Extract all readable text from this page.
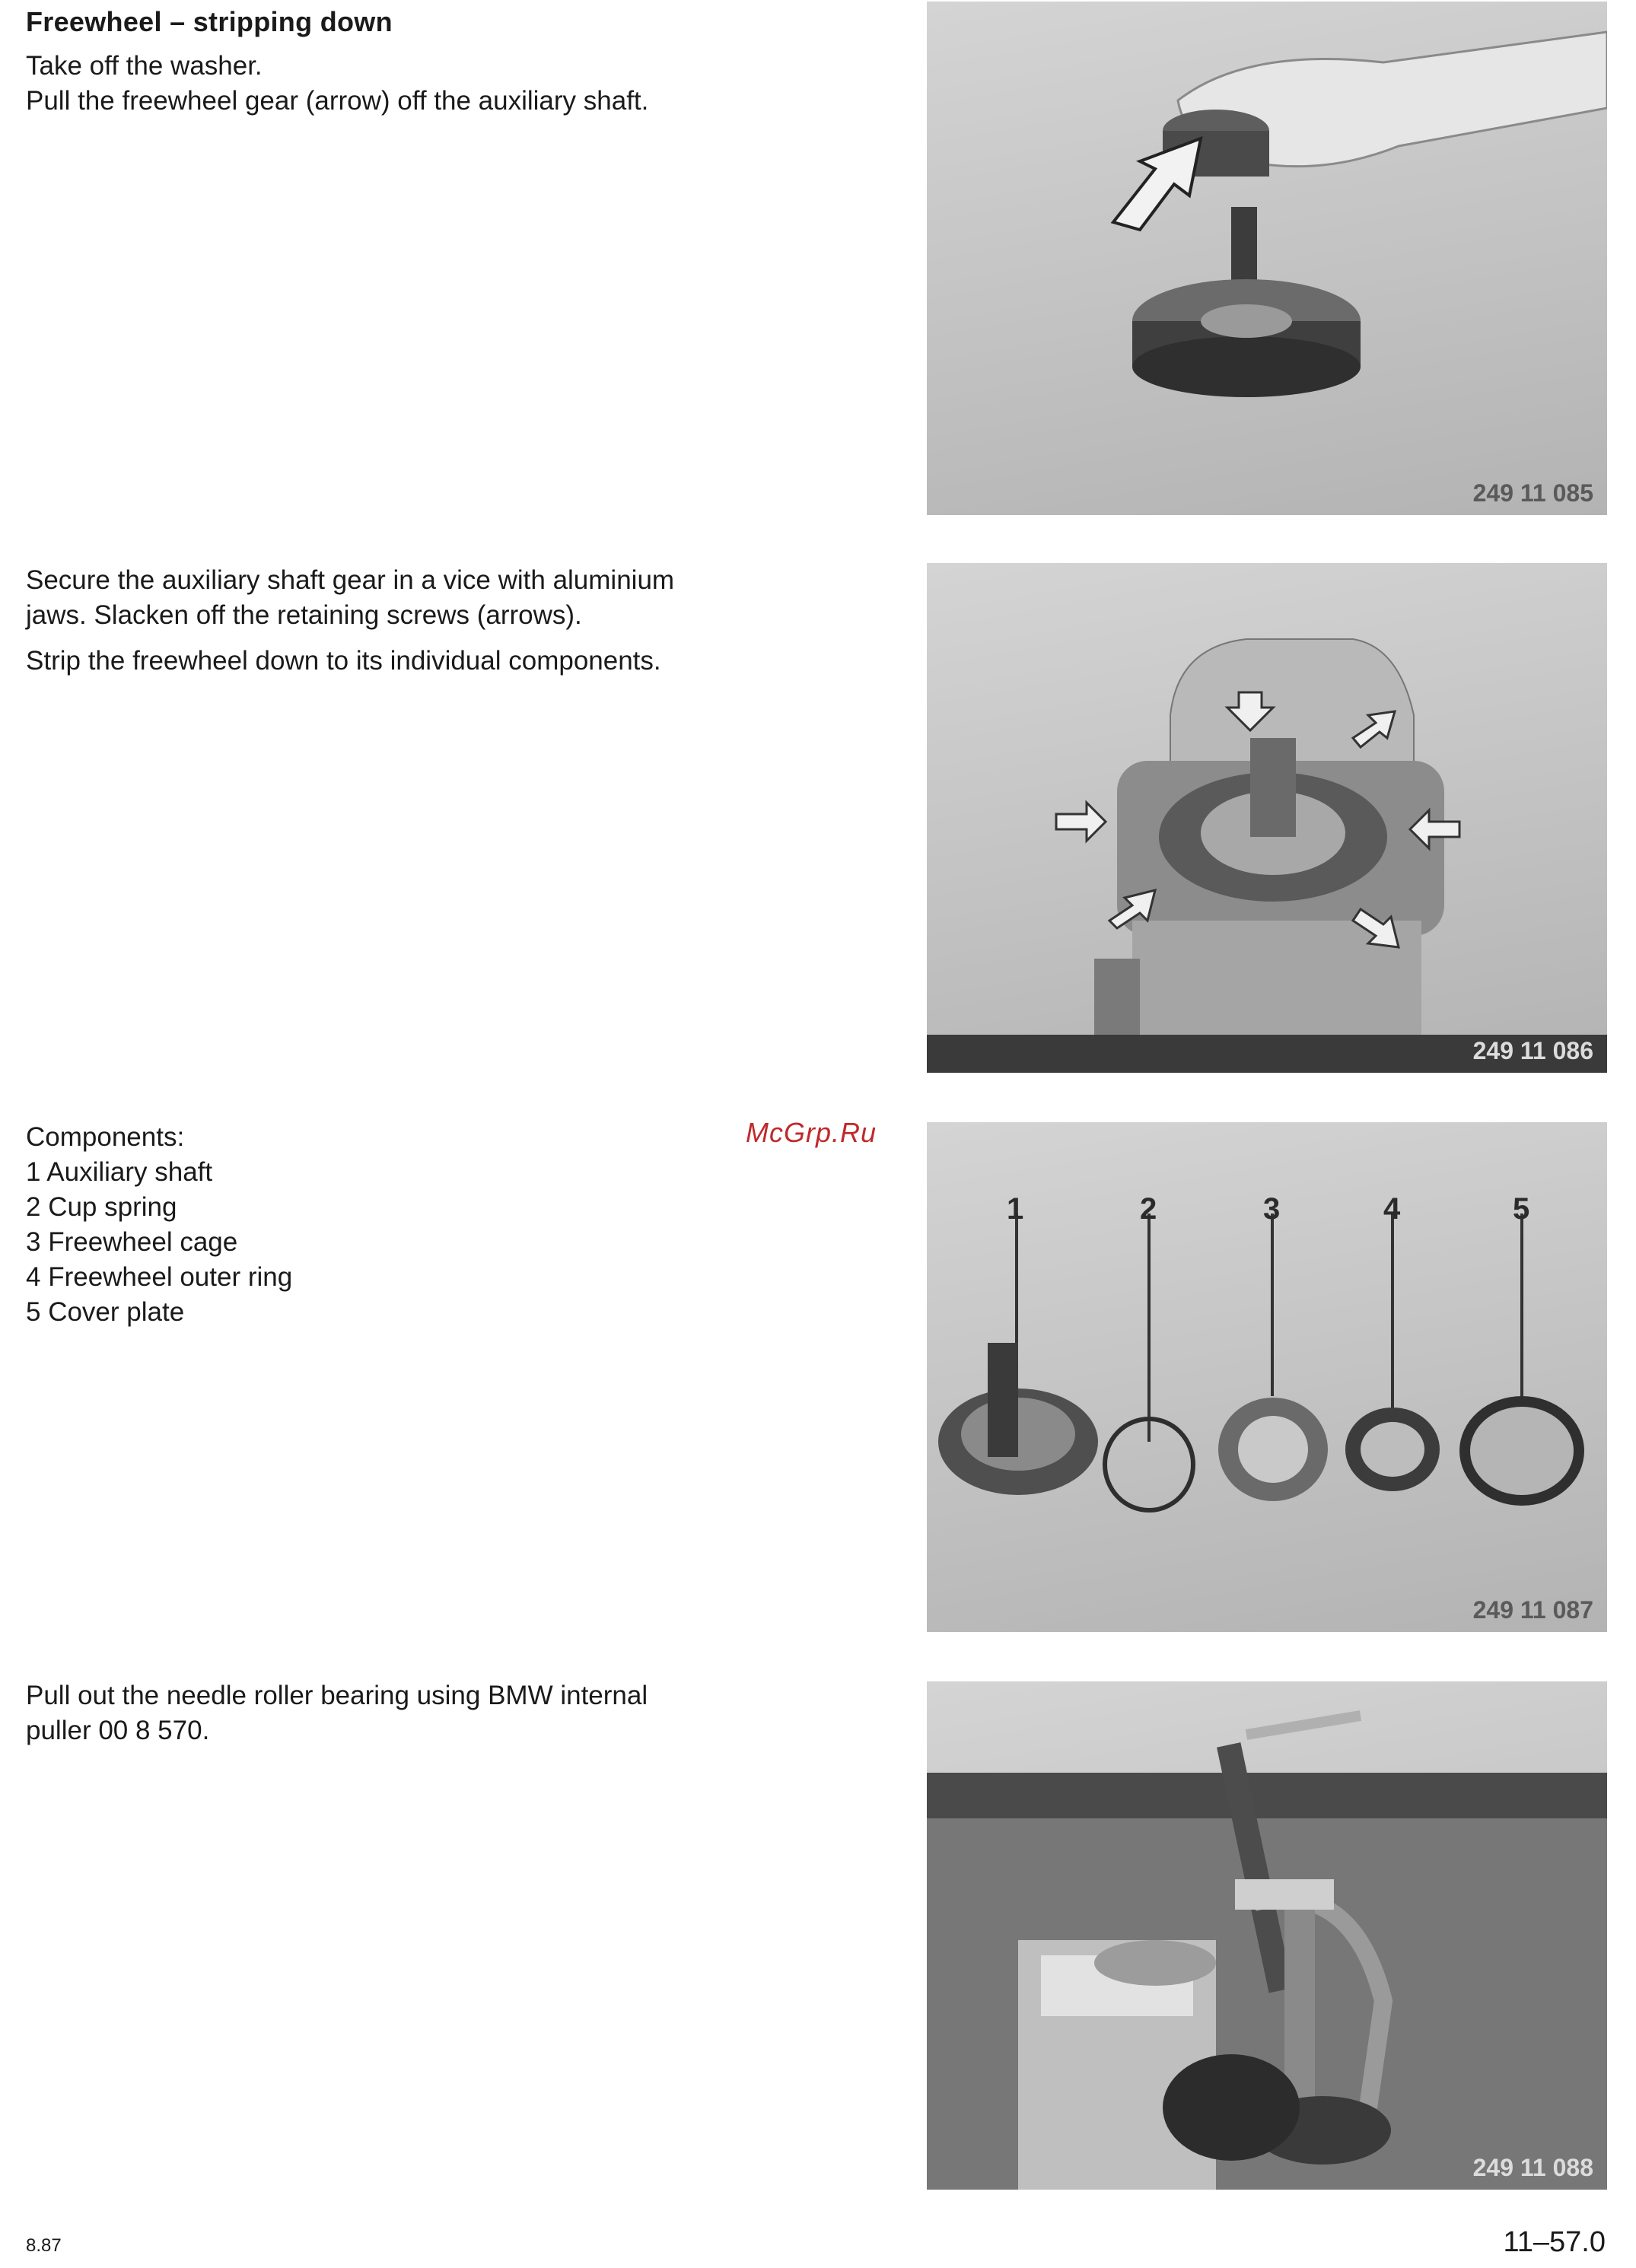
Freewheel – stripping down
Take off the washer.
Pull the freewheel gear (arrow) off the auxiliary shaft.
249 11 085
Secure the auxiliary shaft gear in a vice with aluminium
jaws. Slacken off the retaining screws (arrows).
Strip the freewheel down to its individual components.
249 11 086
McGrp.Ru
Components:
1 Auxiliary shaft
2 Cup spring
3 Freewheel cage
4 Freewheel outer ring
5 Cover plate
1	2	3	4	5
249 11 087
Pull out the needle roller bearing using BMW internal
puller 00 8 570.
249 11 088
8.87	11–57.0
